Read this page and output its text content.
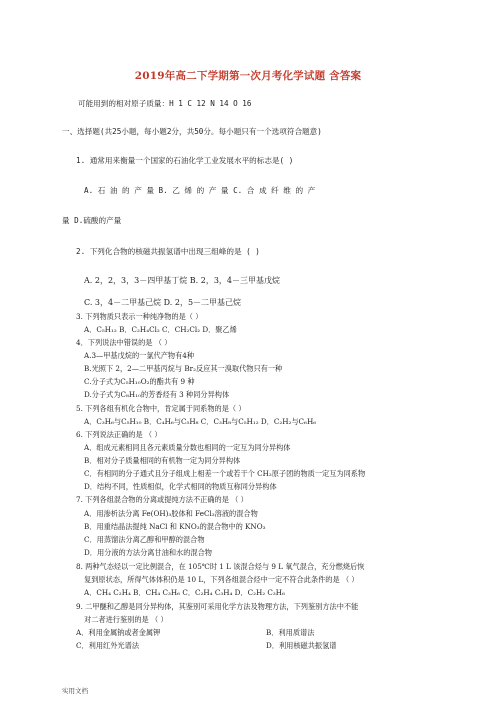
2019年高二下学期第一次月考化学试题 含答案
可能用到的相对原子质量：H 1 C 12 N 14 O 16
一、选择题(共25小题，每小题2分，共50分。每小题只有一个选项符合题意)
1. 通常用来衡量一个国家的石油化学工业发展水平的标志是( )
A. 石 油 的 产 量 B. 乙 烯 的 产 量 C. 合 成 纤 维 的 产
量 D.硫酸的产量
2. 下列化合物的核磁共振氢谱中出现三组峰的是 ( )
A. 2，2，3，3－四甲基丁烷 B. 2，3，4－三甲基戊烷
C. 3，4－二甲基己烷 D. 2，5－二甲基己烷
3. 下列物质只表示一种纯净物的是（ ）
A．C₅H₁₂ B．C₂H₄Cl₂ C．CH₂Cl₂ D．聚乙烯
4．下列说法中错误的是 （ ）
A.3—甲基戊烷的一氯代产物有4种
B.光照下 2，2—二甲基丙烷与 Br₂反应其一溴取代物只有一种
C.分子式为C₅H₁₀O₂的酯共有 9 种
D.分子式为C₈H₁₀的芳香烃有 3 种同分异构体
5. 下列各组有机化合物中，肯定属于同系物的是（ ）
A．C₃H₆与C₅H₁₀ B．C₄H₆与C₅H₈ C．C₃H₈与C₅H₁₂ D．C₂H₂与C₆H₆
6. 下列说法正确的是 （ ）
A．组成元素相同且各元素质量分数也相同的一定互为同分异构体
B．相对分子质量相同的有机物一定为同分异构体
C．有相同的分子通式且分子组成上相差一个或若干个 CH₂原子团的物质一定互为同系物
D．结构不同，性质相似，化学式相同的物质互称同分异构体
7. 下列各组混合物的分离或提纯方法不正确的是 （ ）
A．用渗析法分离 Fe(OH)₃胶体和 FeCl₃溶液的混合物
B．用重结晶法提纯 NaCl 和 KNO₃的混合物中的 KNO₃
C．用蒸馏法分离乙醇和甲醇的混合物
D．用分液的方法分离甘油和水的混合物
8. 两种气态烃以一定比例混合，在 105℃时 1 L 该混合烃与 9 L 氧气混合，充分燃烧后恢
复到原状态，所得气体体积仍是 10 L，下列各组混合烃中一定不符合此条件的是 （ ）
A．CH₄ C₂H₄ B．CH₄ C₃H₆ C．C₂H₄ C₃H₄ D．C₂H₂ C₃H₆
9. 二甲醚和乙醇是同分异构体，其鉴别可采用化学方法及物理方法，下列鉴别方法中不能
对二者进行鉴别的是 （ ）
A．利用金属钠或者金属钾	B．利用质谱法
C．利用红外光谱法	D．利用核磁共振氢谱
实用文档
